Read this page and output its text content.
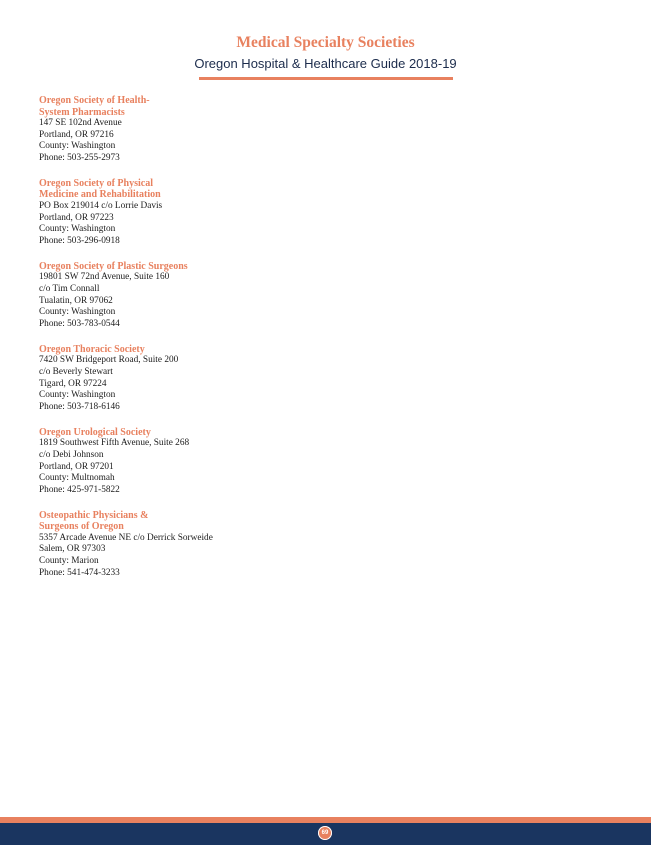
Medical Specialty Societies
Oregon Hospital & Healthcare Guide 2018-19
Oregon Society of Health-
System Pharmacists
147 SE 102nd Avenue
Portland, OR 97216
County: Washington
Phone: 503-255-2973
Oregon Society of Physical
Medicine and Rehabilitation
PO Box 219014 c/o Lorrie Davis
Portland, OR 97223
County: Washington
Phone: 503-296-0918
Oregon Society of Plastic Surgeons
19801 SW 72nd Avenue, Suite 160
c/o Tim Connall
Tualatin, OR 97062
County: Washington
Phone: 503-783-0544
Oregon Thoracic Society
7420 SW Bridgeport Road, Suite 200
c/o Beverly Stewart
Tigard, OR 97224
County: Washington
Phone: 503-718-6146
Oregon Urological Society
1819 Southwest Fifth Avenue, Suite 268
c/o Debi Johnson
Portland, OR 97201
County: Multnomah
Phone: 425-971-5822
Osteopathic Physicians &
Surgeons of Oregon
5357 Arcade Avenue NE c/o Derrick Sorweide
Salem, OR 97303
County: Marion
Phone: 541-474-3233
69
